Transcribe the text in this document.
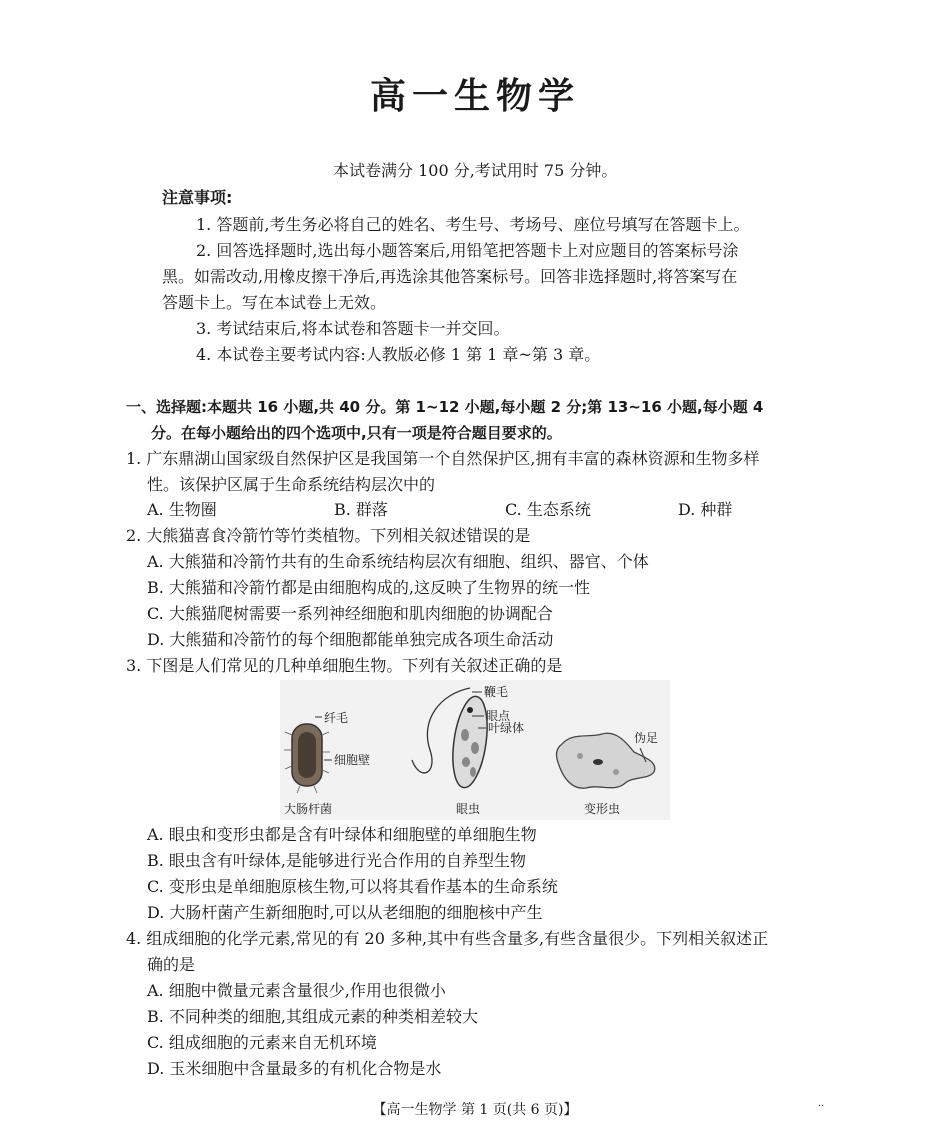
高一生物学
本试卷满分 100 分,考试用时 75 分钟。
注意事项:
1. 答题前,考生务必将自己的姓名、考生号、考场号、座位号填写在答题卡上。
2. 回答选择题时,选出每小题答案后,用铅笔把答题卡上对应题目的答案标号涂
黑。如需改动,用橡皮擦干净后,再选涂其他答案标号。回答非选择题时,将答案写在
答题卡上。写在本试卷上无效。
3. 考试结束后,将本试卷和答题卡一并交回。
4. 本试卷主要考试内容:人教版必修 1 第 1 章~第 3 章。
一、选择题:本题共 16 小题,共 40 分。第 1~12 小题,每小题 2 分;第 13~16 小题,每小题 4
分。在每小题给出的四个选项中,只有一项是符合题目要求的。
1. 广东鼎湖山国家级自然保护区是我国第一个自然保护区,拥有丰富的森林资源和生物多样
性。该保护区属于生命系统结构层次中的
A. 生物圈	B. 群落	C. 生态系统	D. 种群
2. 大熊猫喜食冷箭竹等竹类植物。下列相关叙述错误的是
A. 大熊猫和冷箭竹共有的生命系统结构层次有细胞、组织、器官、个体
B. 大熊猫和冷箭竹都是由细胞构成的,这反映了生物界的统一性
C. 大熊猫爬树需要一系列神经细胞和肌肉细胞的协调配合
D. 大熊猫和冷箭竹的每个细胞都能单独完成各项生命活动
3. 下图是人们常见的几种单细胞生物。下列有关叙述正确的是
纤毛
细胞壁
大肠杆菌
鞭毛
眼点
叶绿体
眼虫
伪足
变形虫
A. 眼虫和变形虫都是含有叶绿体和细胞壁的单细胞生物
B. 眼虫含有叶绿体,是能够进行光合作用的自养型生物
C. 变形虫是单细胞原核生物,可以将其看作基本的生命系统
D. 大肠杆菌产生新细胞时,可以从老细胞的细胞核中产生
4. 组成细胞的化学元素,常见的有 20 多种,其中有些含量多,有些含量很少。下列相关叙述正
确的是
A. 细胞中微量元素含量很少,作用也很微小
B. 不同种类的细胞,其组成元素的种类相差较大
C. 组成细胞的元素来自无机环境
D. 玉米细胞中含量最多的有机化合物是水
【高一生物学 第 1 页(共 6 页)】	..
